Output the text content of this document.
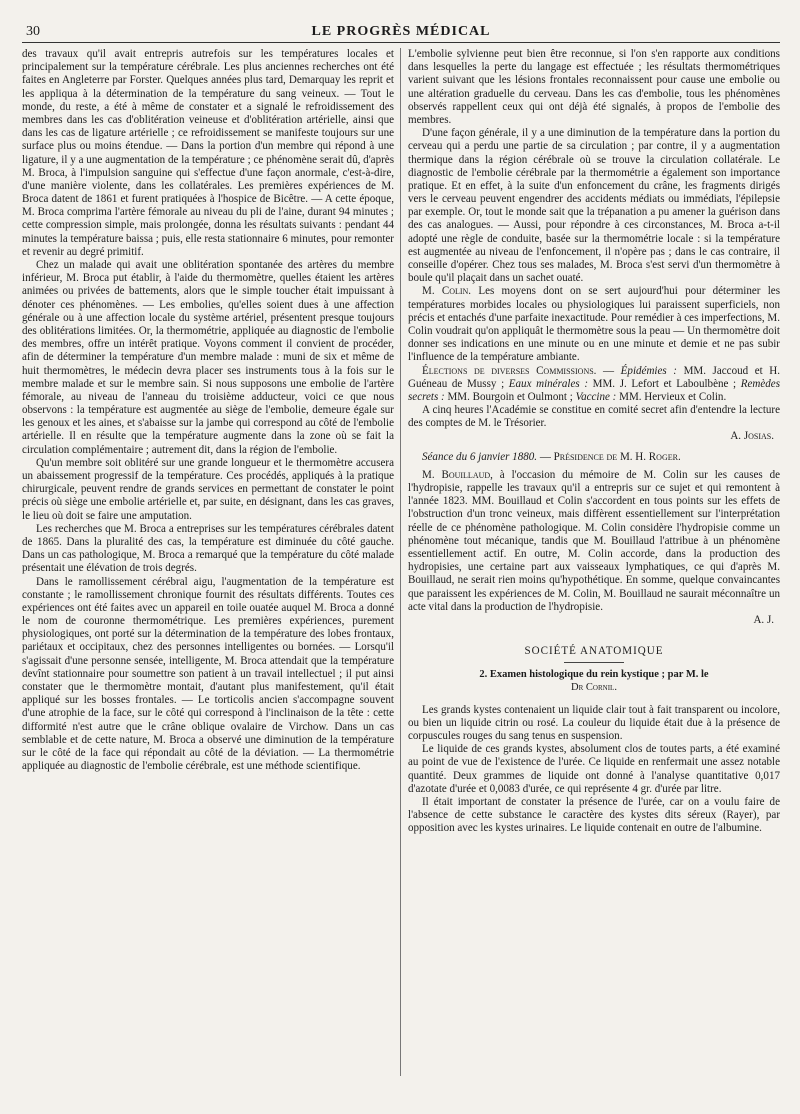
30	LE PROGRÈS MÉDICAL

des travaux qu'il avait entrepris autrefois sur les températures locales et principalement sur la température cérébrale. Les plus anciennes recherches ont été faites en Angleterre par Forster. Quelques années plus tard, Demarquay les reprit et les appliqua à la détermination de la température du sang veineux. — Tout le monde, du reste, a été à même de constater et a signalé le refroidissement des membres dans les cas d'oblitération veineuse et d'oblitération artérielle, ainsi que dans les cas de ligature artérielle ; ce refroidissement se manifeste toujours sur une surface plus ou moins étendue. — Dans la portion d'un membre qui répond à une ligature, il y a une augmentation de la température ; ce phénomène serait dû, d'après M. Broca, à l'impulsion sanguine qui s'effectue d'une façon anormale, c'est-à-dire, d'une manière violente, dans les collatérales. Les premières expériences de M. Broca datent de 1861 et furent pratiquées à l'hospice de Bicêtre. — A cette époque, M. Broca comprima l'artère fémorale au niveau du pli de l'aine, durant 94 minutes ; cette compression simple, mais prolongée, donna les résultats suivants : pendant 44 minutes la température baissa ; puis, elle resta stationnaire 6 minutes, pour remonter et revenir au degré primitif.

Chez un malade qui avait une oblitération spontanée des artères du membre inférieur, M. Broca put établir, à l'aide du thermomètre, quelles étaient les artères animées ou privées de battements, alors que le simple toucher était impuissant à dénoter ces phénomènes. — Les embolies, qu'elles soient dues à une affection générale ou à une affection locale du système artériel, présentent presque toujours des oblitérations limitées. Or, la thermométrie, appliquée au diagnostic de l'embolie des membres, offre un intérêt pratique. Voyons comment il convient de procéder, afin de déterminer la température d'un membre malade : muni de six et même de huit thermomètres, le médecin devra placer ses instruments tous à la fois sur le membre malade et sur le membre sain. Si nous supposons une embolie de l'artère fémorale, au niveau de l'anneau du troisième adducteur, voici ce que nous observons : la température est augmentée au siège de l'embolie, demeure égale sur les genoux et les aines, et s'abaisse sur la jambe qui correspond au côté de l'embolie artérielle. Il en résulte que la température augmente dans la zone où se fait la circulation complémentaire ; autrement dit, dans la région de l'embolie.

Qu'un membre soit oblitéré sur une grande longueur et le thermomètre accusera un abaissement progressif de la température. Ces procédés, appliqués à la pratique chirurgicale, peuvent rendre de grands services en permettant de constater le point précis où siège une embolie artérielle et, par suite, en désignant, dans les cas graves, le lieu où doit se faire une amputation.

Les recherches que M. Broca a entreprises sur les températures cérébrales datent de 1865. Dans la pluralité des cas, la température est diminuée du côté gauche. Dans un cas pathologique, M. Broca a remarqué que la température du côté malade présentait une élévation de trois degrés.

Dans le ramollissement cérébral aigu, l'augmentation de la température est constante ; le ramollissement chronique fournit des résultats différents. Toutes ces expériences ont été faites avec un appareil en toile ouatée auquel M. Broca a donné le nom de couronne thermométrique. Les premières expériences, purement physiologiques, ont porté sur la détermination de la température des lobes frontaux, pariétaux et occipitaux, chez des personnes intelligentes ou bornées. — Lorsqu'il s'agissait d'une personne sensée, intelligente, M. Broca attendait que la température devînt stationnaire pour soumettre son patient à un travail intellectuel ; il put ainsi constater que le thermomètre montait, d'autant plus manifestement, qu'il était appliqué sur les bosses frontales. — Le torticolis ancien s'accompagne souvent d'une atrophie de la face, sur le côté qui correspond à l'inclinaison de la tête : cette difformité n'est autre que le crâne oblique ovalaire de Virchow. Dans un cas semblable et de cette nature, M. Broca a observé une diminution de la température sur le côté de la face qui répondait au côté de la déviation. — La thermométrie appliquée au diagnostic de l'embolie cérébrale, est une méthode scientifique.

L'embolie sylvienne peut bien être reconnue, si l'on s'en rapporte aux conditions dans lesquelles la perte du langage est effectuée ; les résultats thermométriques varient suivant que les lésions frontales reconnaissent pour cause une embolie ou une altération graduelle du cerveau. Dans les cas d'embolie, tous les phénomènes observés rappellent ceux qui ont déjà été signalés, à propos de l'embolie des membres.

D'une façon générale, il y a une diminution de la température dans la portion du cerveau qui a perdu une partie de sa circulation ; par contre, il y a augmentation thermique dans la région cérébrale où se trouve la circulation collatérale. Le diagnostic de l'embolie cérébrale par la thermométrie a également son importance pratique. Et en effet, à la suite d'un enfoncement du crâne, les fragments dirigés vers le cerveau peuvent engendrer des accidents médiats ou immédiats, l'épilepsie par exemple. Or, tout le monde sait que la trépanation a pu amener la guérison dans des cas analogues. — Aussi, pour répondre à ces circonstances, M. Broca a-t-il adopté une règle de conduite, basée sur la thermométrie locale : si la température est augmentée au niveau de l'enfoncement, il n'opère pas ; dans le cas contraire, il conseille d'opérer. Chez tous ses malades, M. Broca s'est servi d'un thermomètre à boule qu'il plaçait dans un sachet ouaté.

M. Colin. Les moyens dont on se sert aujourd'hui pour déterminer les températures morbides locales ou physiologiques lui paraissent superficiels, non précis et entachés d'une parfaite inexactitude. Pour remédier à ces imperfections, M. Colin voudrait qu'on appliquât le thermomètre sous la peau — Un thermomètre doit donner ses indications en une minute ou en une minute et demie et ne pas subir l'influence de la température ambiante.

Élections de diverses Commissions. — Épidémies : MM. Jaccoud et H. Guéneau de Mussy ; Eaux minérales : MM. J. Lefort et Laboulbène ; Remèdes secrets : MM. Bourgoin et Oulmont ; Vaccine : MM. Hervieux et Colin.

A cinq heures l'Académie se constitue en comité secret afin d'entendre la lecture des comptes de M. le Trésorier.

A. Josias.

Séance du 6 janvier 1880. — Présidence de M. H. Roger.

M. Bouillaud, à l'occasion du mémoire de M. Colin sur les causes de l'hydropisie, rappelle les travaux qu'il a entrepris sur ce sujet et qui remontent à l'année 1823. MM. Bouillaud et Colin s'accordent en tous points sur les effets de l'obstruction d'un tronc veineux, mais diffèrent essentiellement sur l'interprétation réelle de ce phénomène pathologique. M. Colin considère l'hydropisie comme un phénomène tout mécanique, tandis que M. Bouillaud l'attribue à un phénomène essentiellement actif. En outre, M. Colin accorde, dans la production des hydropisies, une certaine part aux vaisseaux lymphatiques, ce qui d'après M. Bouillaud, ne serait rien moins qu'hypothétique. En somme, quelque convaincantes que paraissent les expériences de M. Colin, M. Bouillaud ne saurait méconnaître un acte vital dans la production de l'hydropisie.

A. J.

SOCIÉTÉ ANATOMIQUE

2. Examen histologique du rein kystique ; par M. le

Dr Cornil.

Les grands kystes contenaient un liquide clair tout à fait transparent ou incolore, ou bien un liquide citrin ou rosé. La couleur du liquide était due à la présence de corpuscules rouges du sang tenus en suspension.

Le liquide de ces grands kystes, absolument clos de toutes parts, a été examiné au point de vue de l'existence de l'urée. Ce liquide en renfermait une assez notable quantité. Deux grammes de liquide ont donné à l'analyse quantitative 0,017 d'azotate d'urée et 0,0083 d'urée, ce qui représente 4 gr. d'urée par litre.

Il était important de constater la présence de l'urée, car on a voulu faire de l'absence de cette substance le caractère des kystes dits séreux (Rayer), par opposition avec les kystes urinaires. Le liquide contenait en outre de l'albumine.
